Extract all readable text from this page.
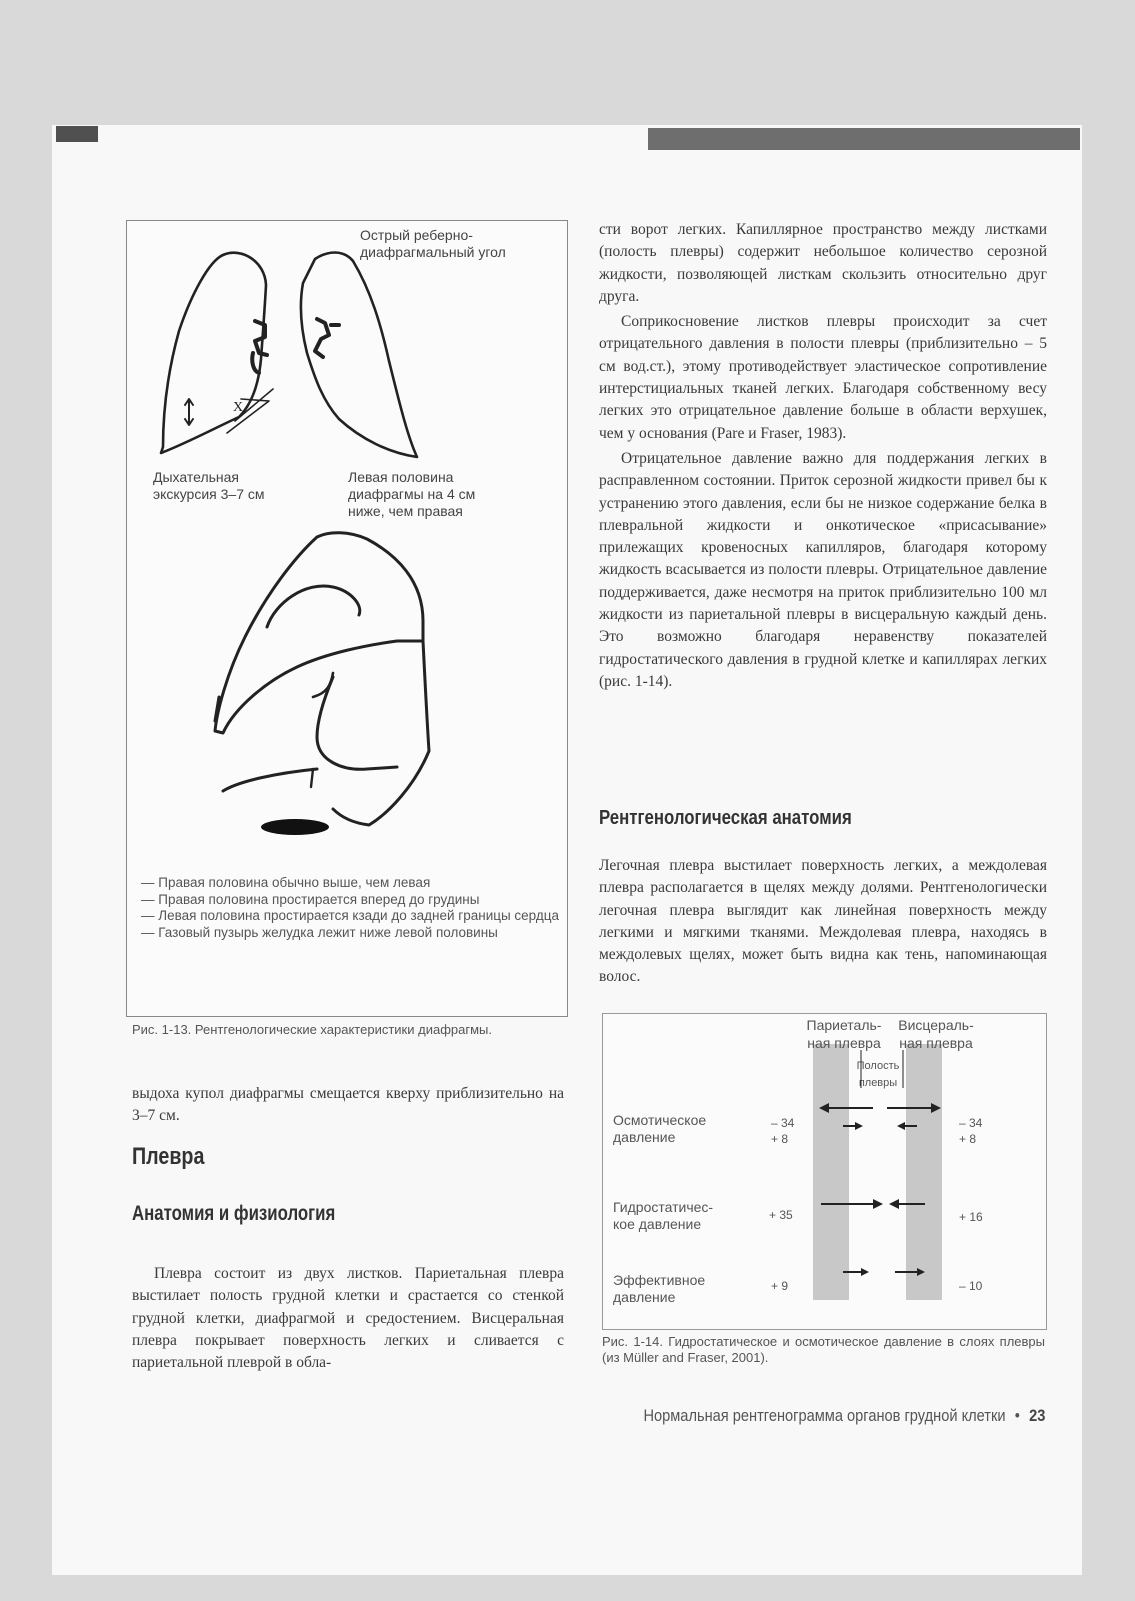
X
Острый реберно-
диафрагмальный угол
Дыхательная
экскурсия 3–7 см
Левая половина
диафрагмы на 4 см
ниже, чем правая
— Правая половина обычно выше, чем левая
— Правая половина простирается вперед до грудины
— Левая половина простирается кзади до задней границы сердца
— Газовый пузырь желудка лежит ниже левой половины
Рис. 1-13. Рентгенологические характеристики диафрагмы.
выдоха купол диафрагмы смещается кверху приблизительно на 3–7 см.
Плевра
Анатомия и физиология
Плевра состоит из двух листков. Париетальная плевра выстилает полость грудной клетки и срастается со стенкой грудной клетки, диафрагмой и средостением. Висцеральная плевра покрывает поверхность легких и сливается с париетальной плеврой в обла-
сти ворот легких. Капиллярное пространство между листками (полость плевры) содержит небольшое количество серозной жидкости, позволяющей листкам скользить относительно друг друга.
Соприкосновение листков плевры происходит за счет отрицательного давления в полости плевры (приблизительно – 5 см вод.ст.), этому противодействует эластическое сопротивление интерстициальных тканей легких. Благодаря собственному весу легких это отрицательное давление больше в области верхушек, чем у основания (Pare и Fraser, 1983).
Отрицательное давление важно для поддержания легких в расправленном состоянии. Приток серозной жидкости привел бы к устранению этого давления, если бы не низкое содержание белка в плевральной жидкости и онкотическое «присасывание» прилежащих кровеносных капилляров, благодаря которому жидкость всасывается из полости плевры. Отрицательное давление поддерживается, даже несмотря на приток приблизительно 100 мл жидкости из париетальной плевры в висцеральную каждый день. Это возможно благодаря неравенству показателей гидростатического давления в грудной клетке и капиллярах легких (рис. 1-14).
Рентгенологическая анатомия
Легочная плевра выстилает поверхность легких, а междолевая плевра располагается в щелях между долями. Рентгенологически легочная плевра выглядит как линейная поверхность между легкими и мягкими тканями. Междолевая плевра, находясь в междолевых щелях, может быть видна как тень, напоминающая волос.
Париеталь-
ная плевра
Висцераль-
ная плевра
Полость
плевры
Осмотическое
давление
– 34
+ 8
– 34
+ 8
Гидростатичес-
кое давление
+ 35	+ 16
Эффективное
давление
+ 9	– 10
Рис. 1-14. Гидростатическое и осмотическое давление в слоях плевры (из Müller and Fraser, 2001).
Нормальная рентгенограмма органов грудной клетки • 23
